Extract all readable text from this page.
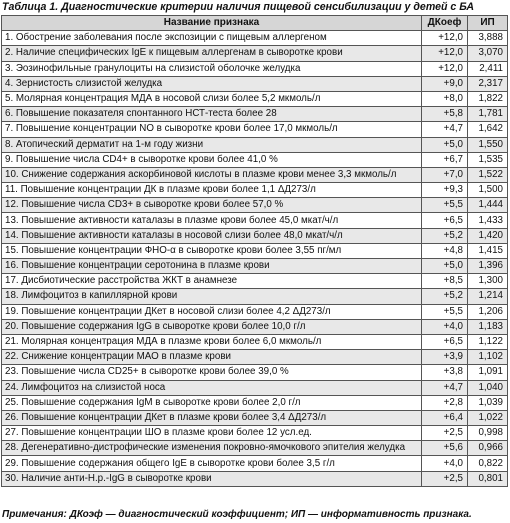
Таблица 1. Диагностические критерии наличия пищевой сенсибилизации у детей с БА
Название признака	ДКоеф	ИП
1. Обострение заболевания после экспозиции с пищевым аллергеном	+12,0	3,888
2. Наличие специфических IgE к пищевым аллергенам в сыворотке крови	+12,0	3,070
3. Эозинофильные гранулоциты на слизистой оболочке желудка	+12,0	2,411
4. Зернистость слизистой желудка	+9,0	2,317
5. Молярная концентрация МДА в носовой слизи более 5,2 мкмоль/л	+8,0	1,822
6. Повышение показателя спонтанного НСТ-теста более 28	+5,8	1,781
7. Повышение концентрации NO в сыворотке крови более 17,0 мкмоль/л	+4,7	1,642
8. Атопический дерматит на 1-м году жизни	+5,0	1,550
9. Повышение числа CD4+ в сыворотке крови более 41,0 %	+6,7	1,535
10. Снижение содержания аскорбиновой кислоты в плазме крови менее 3,3 мкмоль/л	+7,0	1,522
11. Повышение концентрации ДК в плазме крови более 1,1 ΔД273/л	+9,3	1,500
12. Повышение числа CD3+ в сыворотке крови более 57,0 %	+5,5	1,444
13. Повышение активности каталазы в плазме крови более 45,0 мкат/ч/л	+6,5	1,433
14. Повышение активности каталазы в носовой слизи более 48,0 мкат/ч/л	+5,2	1,420
15. Повышение концентрации ФНО-α в сыворотке крови более 3,55 пг/мл	+4,8	1,415
16. Повышение концентрации серотонина в плазме крови	+5,0	1,396
17. Дисбиотические расстройства ЖКТ в анамнезе	+8,5	1,300
18. Лимфоцитоз в капиллярной крови	+5,2	1,214
19. Повышение концентрации ДКет в носовой слизи более 4,2 ΔД273/л	+5,5	1,206
20. Повышение содержания IgG в сыворотке крови более 10,0 г/л	+4,0	1,183
21. Молярная концентрация МДА в плазме крови более 6,0 мкмоль/л	+6,5	1,122
22. Снижение концентрации МАО в плазме крови	+3,9	1,102
23. Повышение числа CD25+ в сыворотке крови более 39,0 %	+3,8	1,091
24. Лимфоцитоз на слизистой носа	+4,7	1,040
25. Повышение содержания IgM в сыворотке крови более 2,0 г/л	+2,8	1,039
26. Повышение концентрации ДКет в плазме крови более 3,4 ΔД273/л	+6,4	1,022
27. Повышение концентрации ШО в плазме крови более 12 усл.ед.	+2,5	0,998
28. Дегенеративно-дистрофические изменения покровно-ямочкового эпителия желудка	+5,6	0,966
29. Повышение содержания общего IgE в сыворотке крови более 3,5 г/л	+4,0	0,822
30. Наличие анти-H.p.-IgG в сыворотке крови	+2,5	0,801
Примечания: ДКоэф — диагностический коэффициент; ИП — информативность признака.
